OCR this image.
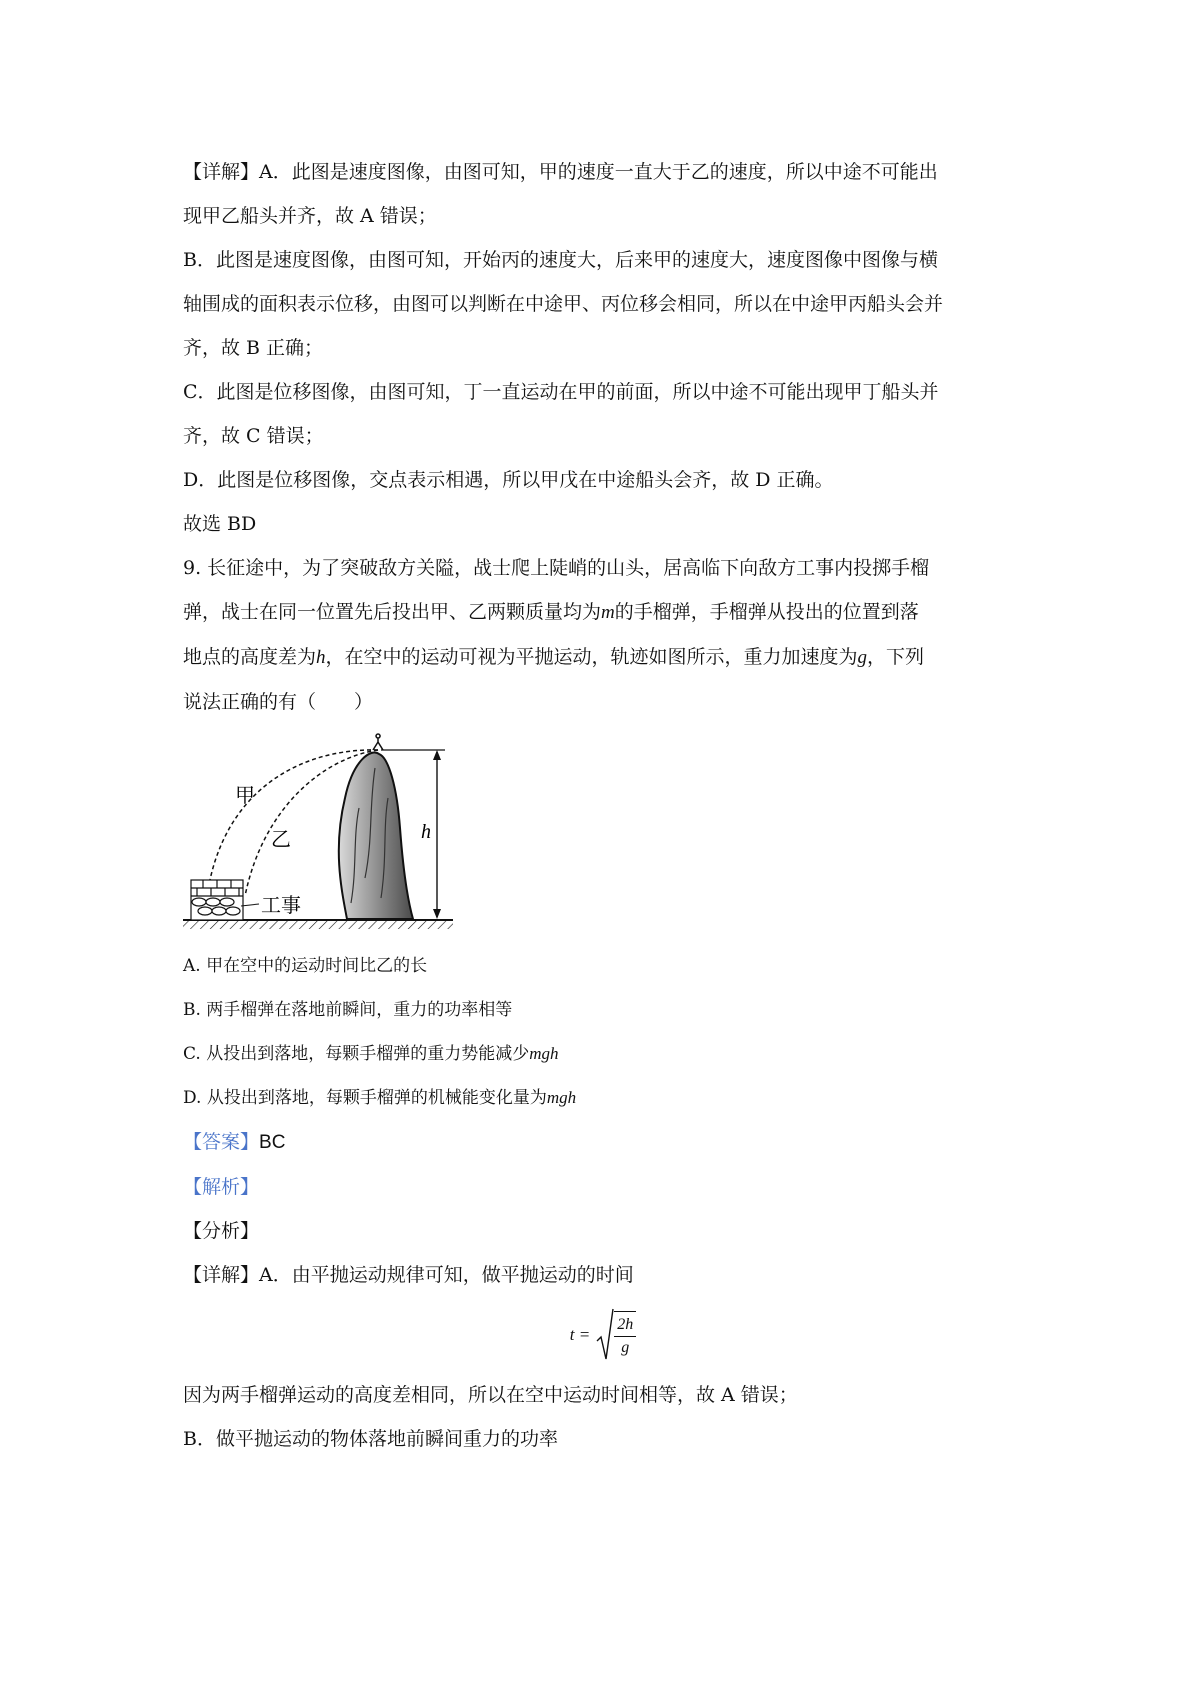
【详解】A．此图是速度图像，由图可知，甲的速度一直大于乙的速度，所以中途不可能出

现甲乙船头并齐，故 A 错误；

B．此图是速度图像，由图可知，开始丙的速度大，后来甲的速度大，速度图像中图像与横

轴围成的面积表示位移，由图可以判断在中途甲、丙位移会相同，所以在中途甲丙船头会并

齐，故 B 正确；

C．此图是位移图像，由图可知，丁一直运动在甲的前面，所以中途不可能出现甲丁船头并

齐，故 C 错误；

D．此图是位移图像，交点表示相遇，所以甲戊在中途船头会齐，故 D 正确。

故选 BD

9. 长征途中，为了突破敌方关隘，战士爬上陡峭的山头，居高临下向敌方工事内投掷手榴

弹，战士在同一位置先后投出甲、乙两颗质量均为m的手榴弹，手榴弹从投出的位置到落

地点的高度差为h，在空中的运动可视为平抛运动，轨迹如图所示，重力加速度为g，下列

说法正确的有（　　）

甲
乙	h
工事

A. 甲在空中的运动时间比乙的长

B. 两手榴弹在落地前瞬间，重力的功率相等

C. 从投出到落地，每颗手榴弹的重力势能减少mgh

D. 从投出到落地，每颗手榴弹的机械能变化量为mgh

【答案】BC

【解析】

【分析】

【详解】A．由平抛运动规律可知，做平抛运动的时间

$t = \frac{2h}{g}$

因为两手榴弹运动的高度差相同，所以在空中运动时间相等，故 A 错误；

B．做平抛运动的物体落地前瞬间重力的功率
